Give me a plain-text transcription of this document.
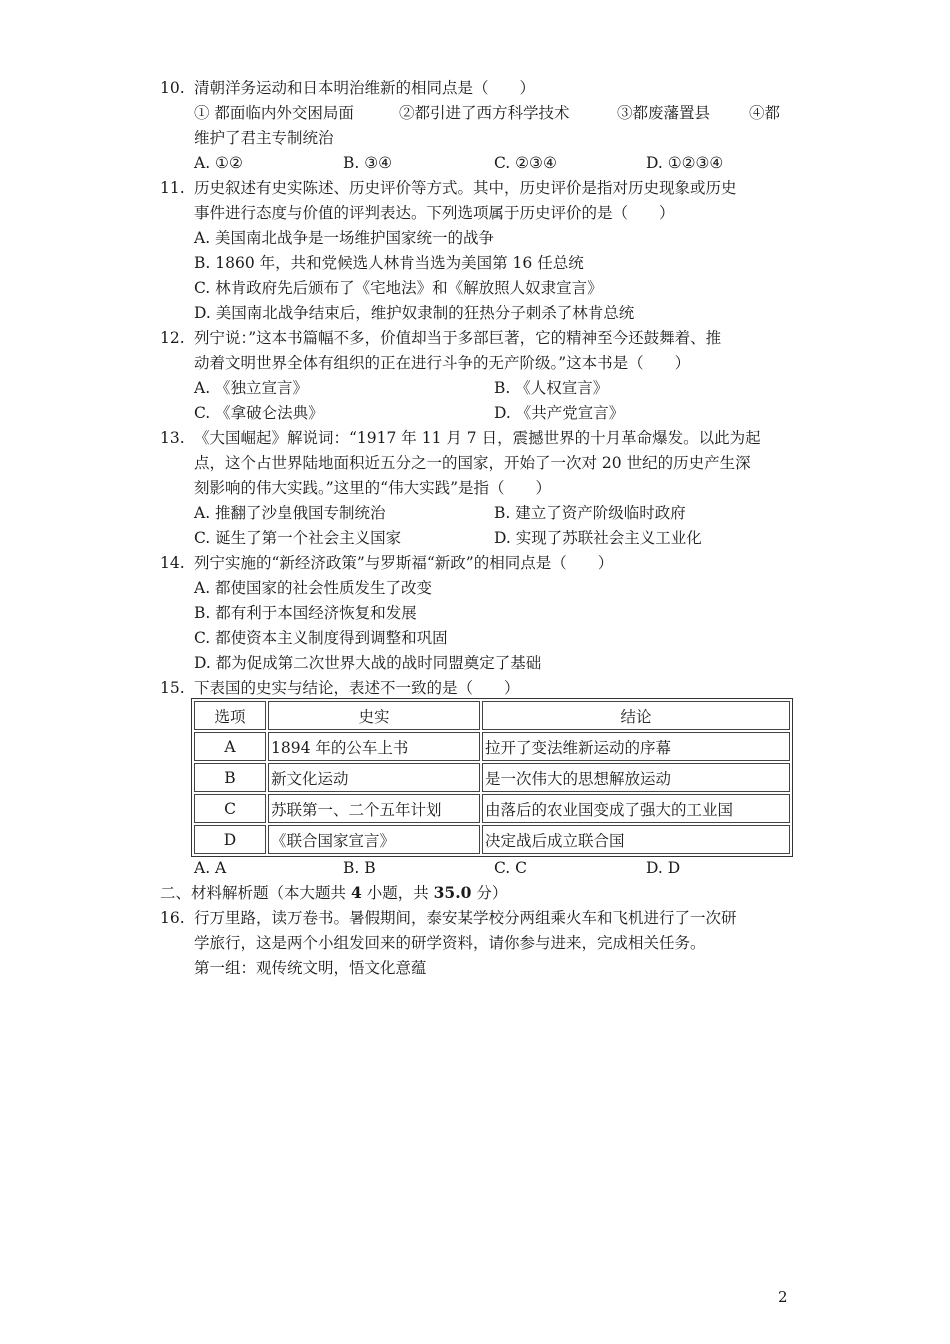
10. 清朝洋务运动和日本明治维新的相同点是（　　）
① 都面临内外交困局面	②都引进了西方科学技术	③都废藩置县	④都
维护了君主专制统治
A. ①②	B. ③④	C. ②③④	D. ①②③④
11. 历史叙述有史实陈述、历史评价等方式。其中，历史评价是指对历史现象或历史
事件进行态度与价值的评判表达。下列选项属于历史评价的是（　　）
A. 美国南北战争是一场维护国家统一的战争
B. 1860 年，共和党候选人林肯当选为美国第 16 任总统
C. 林肯政府先后颁布了《宅地法》和《解放照人奴隶宣言》
D. 美国南北战争结束后，维护奴隶制的狂热分子刺杀了林肯总统
12. 列宁说：”这本书篇幅不多，价值却当于多部巨著，它的精神至今还鼓舞着、推
动着文明世界全体有组织的正在进行斗争的无产阶级。”这本书是（　　）
A. 《独立宣言》	B. 《人权宣言》
C. 《拿破仑法典》	D. 《共产党宣言》
13. 《大国崛起》解说词：“1917 年 11 月 7 日，震撼世界的十月革命爆发。以此为起
点，这个占世界陆地面积近五分之一的国家，开始了一次对 20 世纪的历史产生深
刻影响的伟大实践。”这里的“伟大实践”是指（　　）
A. 推翻了沙皇俄国专制统治	B. 建立了资产阶级临时政府
C. 诞生了第一个社会主义国家	D. 实现了苏联社会主义工业化
14. 列宁实施的“新经济政策”与罗斯福“新政”的相同点是（　　）
A. 都使国家的社会性质发生了改变
B. 都有利于本国经济恢复和发展
C. 都使资本主义制度得到调整和巩固
D. 都为促成第二次世界大战的战时同盟奠定了基础
15. 下表国的史实与结论，表述不一致的是（　　）
选项	史实	结论
A	1894 年的公车上书	拉开了变法维新运动的序幕
B	新文化运动	是一次伟大的思想解放运动
C	苏联第一、二个五年计划	由落后的农业国变成了强大的工业国
D	《联合国家宣言》	决定战后成立联合国
A. A	B. B	C. C	D. D
二、材料解析题（本大题共 4 小题，共 35.0 分）
16. 行万里路，读万卷书。暑假期间，泰安某学校分两组乘火车和飞机进行了一次研
学旅行，这是两个小组发回来的研学资料，请你参与进来，完成相关任务。
第一组：观传统文明，悟文化意蕴
2
